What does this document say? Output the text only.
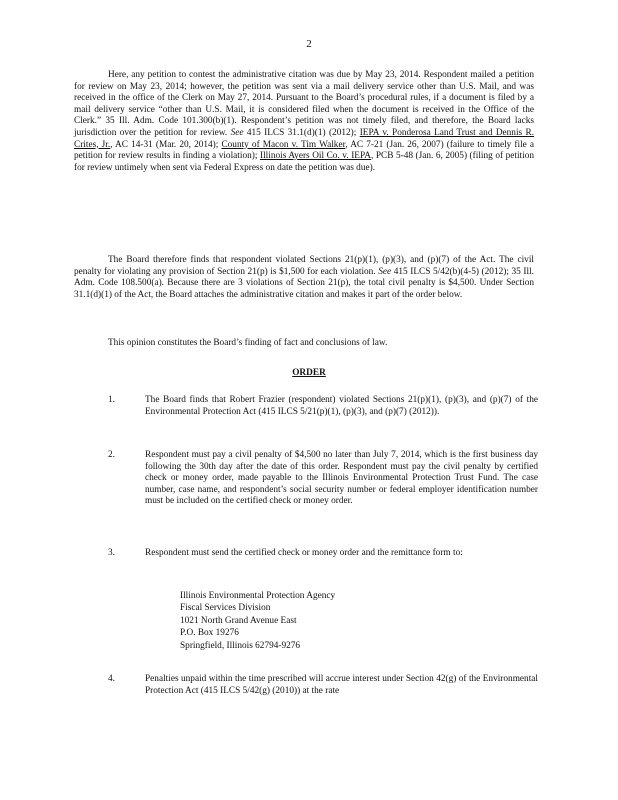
2

Here, any petition to contest the administrative citation was due by May 23, 2014. Respondent mailed a petition for review on May 23, 2014; however, the petition was sent via a mail delivery service other than U.S. Mail, and was received in the office of the Clerk on May 27, 2014. Pursuant to the Board’s procedural rules, if a document is filed by a mail delivery service “other than U.S. Mail, it is considered filed when the document is received in the Office of the Clerk.” 35 Ill. Adm. Code 101.300(b)(1). Respondent’s petition was not timely filed, and therefore, the Board lacks jurisdiction over the petition for review. See 415 ILCS 31.1(d)(1) (2012); IEPA v. Ponderosa Land Trust and Dennis R. Crites, Jr., AC 14-31 (Mar. 20, 2014); County of Macon v. Tim Walker, AC 7-21 (Jan. 26, 2007) (failure to timely file a petition for review results in finding a violation); Illinois Ayers Oil Co. v. IEPA, PCB 5-48 (Jan. 6, 2005) (filing of petition for review untimely when sent via Federal Express on date the petition was due).

The Board therefore finds that respondent violated Sections 21(p)(1), (p)(3), and (p)(7) of the Act. The civil penalty for violating any provision of Section 21(p) is $1,500 for each violation. See 415 ILCS 5/42(b)(4-5) (2012); 35 Ill. Adm. Code 108.500(a). Because there are 3 violations of Section 21(p), the total civil penalty is $4,500. Under Section 31.1(d)(1) of the Act, the Board attaches the administrative citation and makes it part of the order below.

This opinion constitutes the Board’s finding of fact and conclusions of law.

ORDER
1.	The Board finds that Robert Frazier (respondent) violated Sections 21(p)(1), (p)(3), and (p)(7) of the Environmental Protection Act (415 ILCS 5/21(p)(1), (p)(3), and (p)(7) (2012)).
2.	Respondent must pay a civil penalty of $4,500 no later than July 7, 2014, which is the first business day following the 30th day after the date of this order. Respondent must pay the civil penalty by certified check or money order, made payable to the Illinois Environmental Protection Trust Fund. The case number, case name, and respondent’s social security number or federal employer identification number must be included on the certified check or money order.
3.	Respondent must send the certified check or money order and the remittance form to:
Illinois Environmental Protection Agency
Fiscal Services Division
1021 North Grand Avenue East
P.O. Box 19276
Springfield, Illinois 62794-9276
4.	Penalties unpaid within the time prescribed will accrue interest under Section 42(g) of the Environmental Protection Act (415 ILCS 5/42(g) (2010)) at the rate
